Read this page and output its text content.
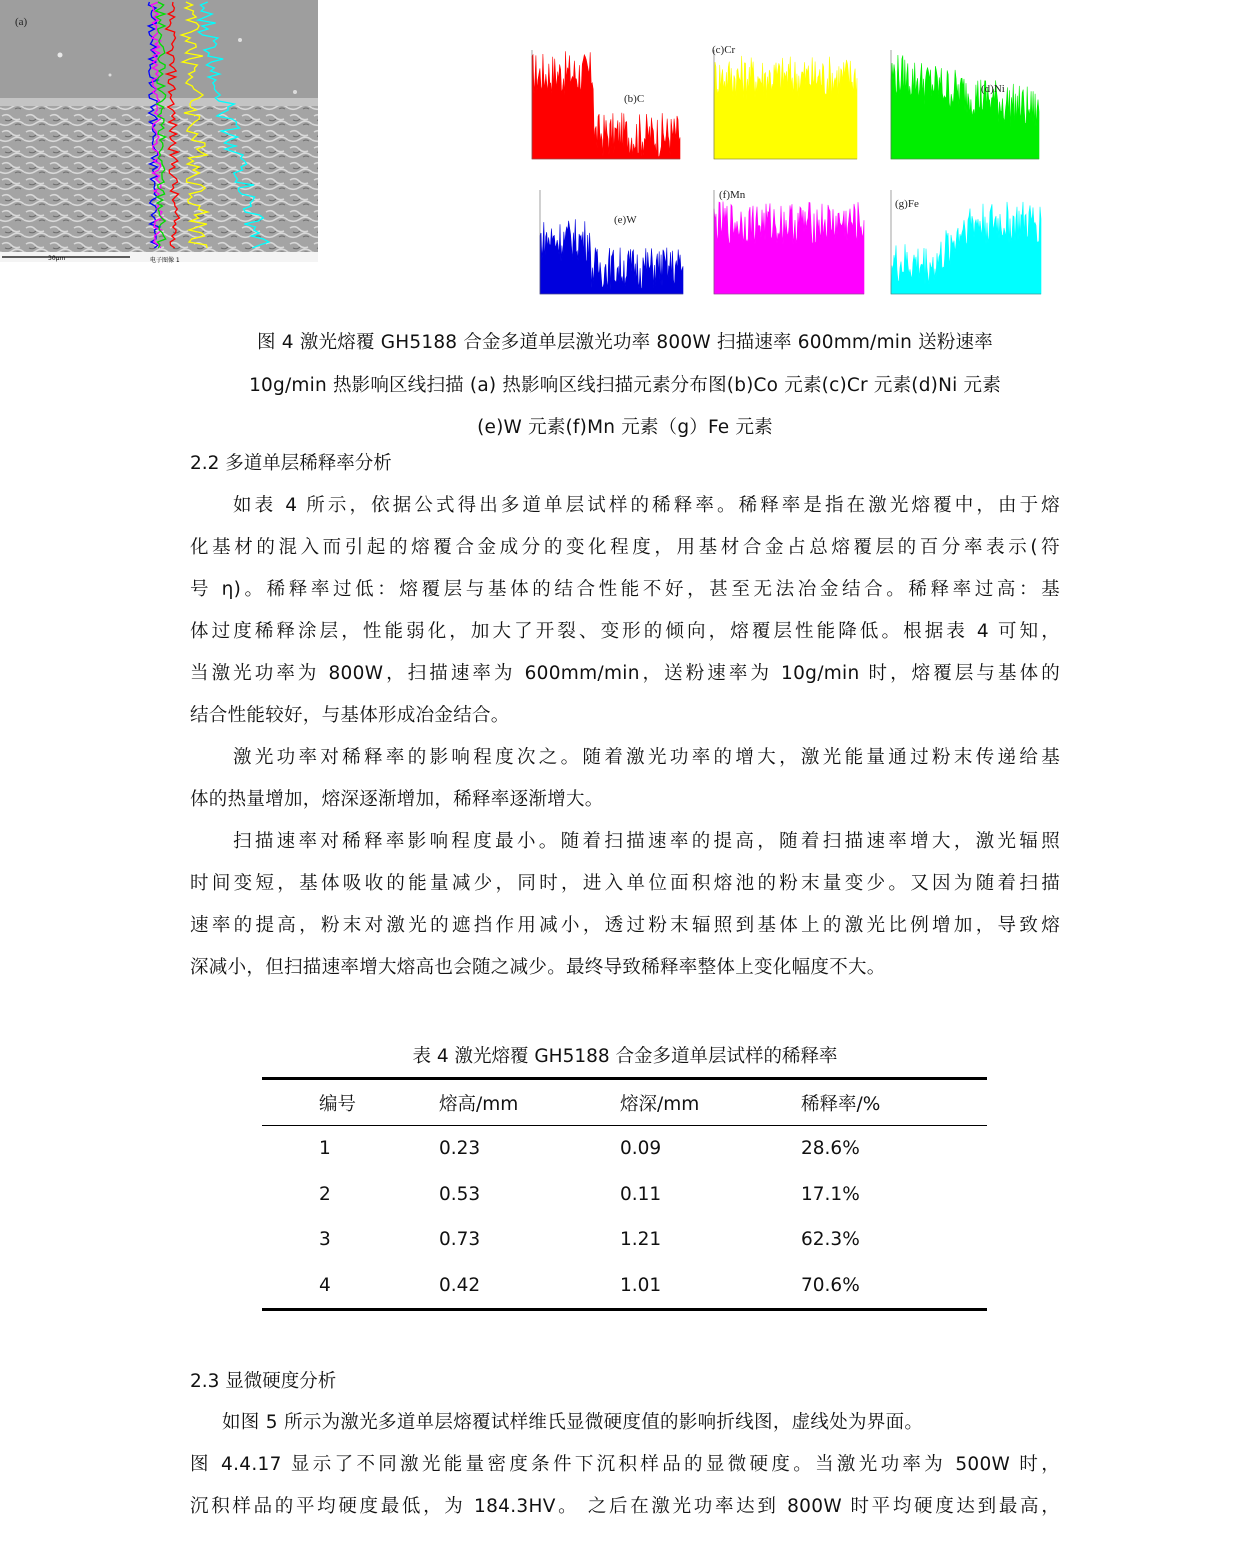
(a)
30μm	电子图像 1
(b)C
(c)Cr
(d)Ni
(e)W
(f)Mn
(g)Fe
图 4 激光熔覆 GH5188 合金多道单层激光功率 800W 扫描速率 600mm/min 送粉速率
10g/min 热影响区线扫描 (a) 热影响区线扫描元素分布图(b)Co 元素(c)Cr 元素(d)Ni 元素
(e)W 元素(f)Mn 元素（g）Fe 元素
2.2 多道单层稀释率分析
如表 4 所示，依据公式得出多道单层试样的稀释率。稀释率是指在激光熔覆中，由于熔
化基材的混入而引起的熔覆合金成分的变化程度，用基材合金占总熔覆层的百分率表示(符
号 η)。稀释率过低：熔覆层与基体的结合性能不好，甚至无法冶金结合。稀释率过高：基
体过度稀释涂层，性能弱化，加大了开裂、变形的倾向，熔覆层性能降低。根据表 4 可知，
当激光功率为 800W，扫描速率为 600mm/min，送粉速率为 10g/min 时，熔覆层与基体的
结合性能较好，与基体形成冶金结合。
激光功率对稀释率的影响程度次之。随着激光功率的增大，激光能量通过粉末传递给基
体的热量增加，熔深逐渐增加，稀释率逐渐增大。
扫描速率对稀释率影响程度最小。随着扫描速率的提高，随着扫描速率增大，激光辐照
时间变短，基体吸收的能量减少，同时，进入单位面积熔池的粉末量变少。又因为随着扫描
速率的提高，粉末对激光的遮挡作用减小，透过粉末辐照到基体上的激光比例增加，导致熔
深减小，但扫描速率增大熔高也会随之减少。最终导致稀释率整体上变化幅度不大。
表 4 激光熔覆 GH5188 合金多道单层试样的稀释率
编号	熔高/mm	熔深/mm	稀释率/%
1	0.23	0.09	28.6%
2	0.53	0.11	17.1%
3	0.73	1.21	62.3%
4	0.42	1.01	70.6%
2.3 显微硬度分析
如图 5 所示为激光多道单层熔覆试样维氏显微硬度值的影响折线图，虚线处为界面。
图 4.4.17 显示了不同激光能量密度条件下沉积样品的显微硬度。当激光功率为 500W 时，
沉积样品的平均硬度最低，为 184.3HV。 之后在激光功率达到 800W 时平均硬度达到最高，
